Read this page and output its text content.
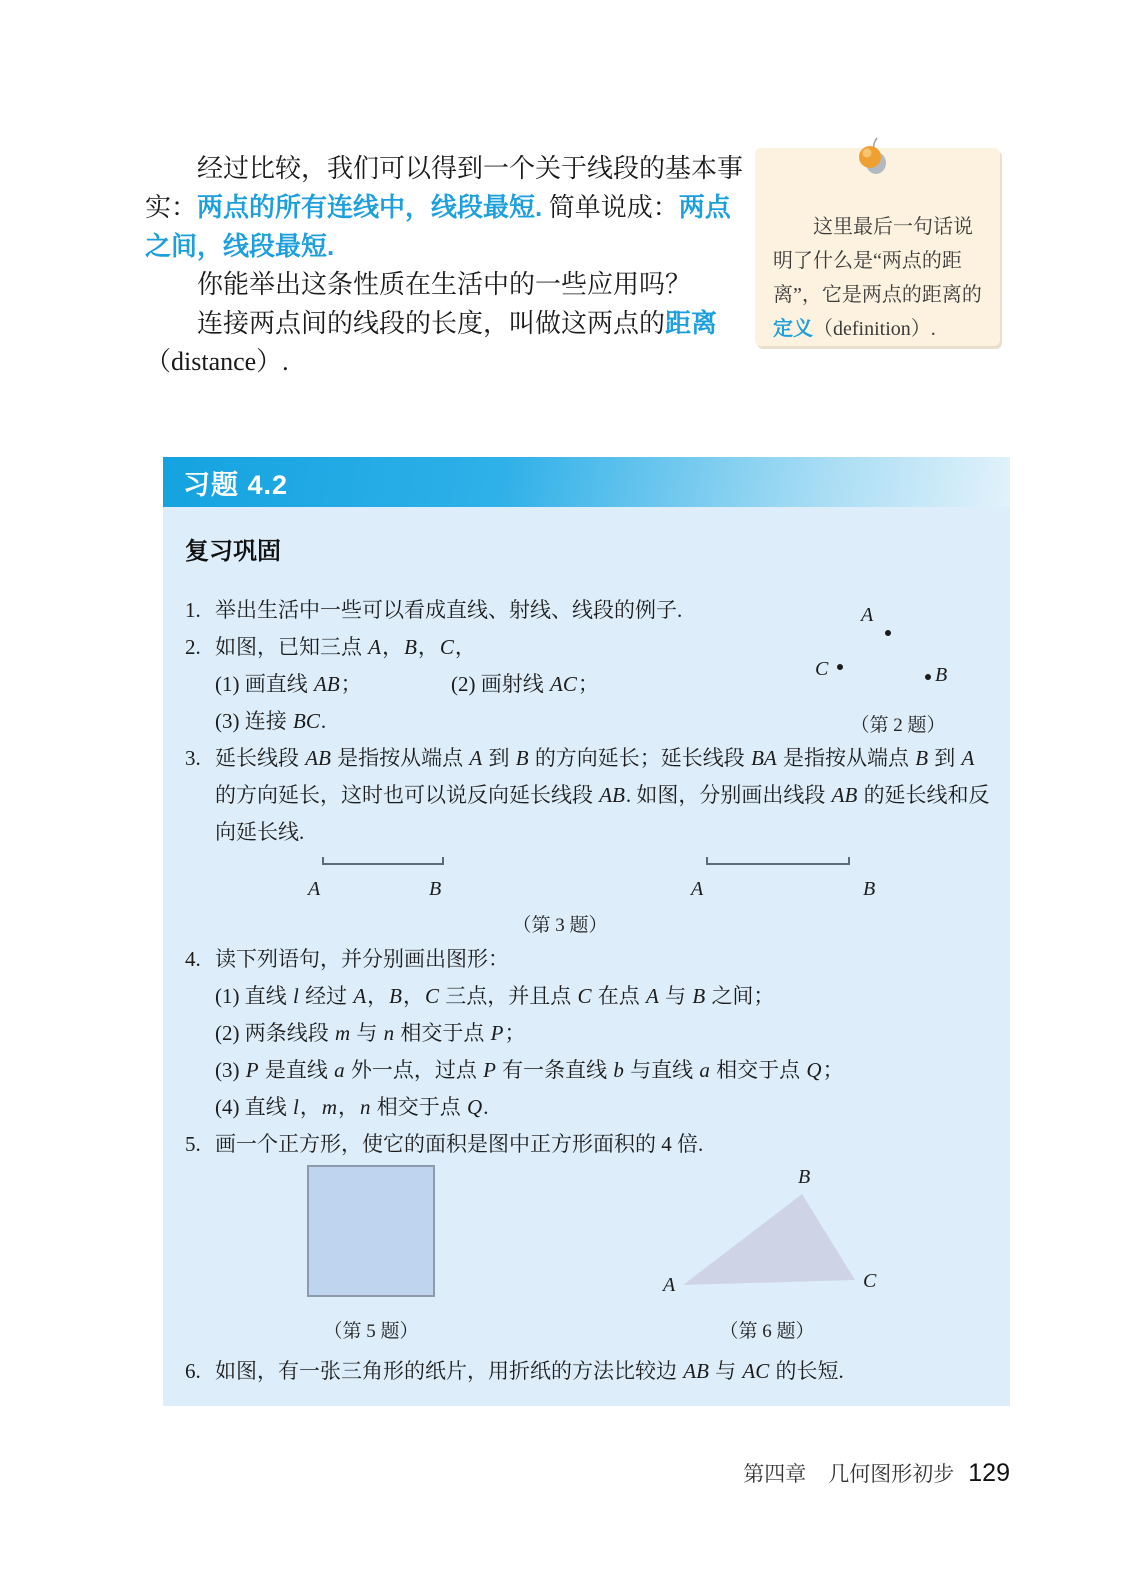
经过比较，我们可以得到一个关于线段的基本事实：两点的所有连线中，线段最短. 简单说成：两点之间，线段最短.

你能举出这条性质在生活中的一些应用吗？

连接两点间的线段的长度，叫做这两点的距离（distance）.

这里最后一句话说明了什么是“两点的距离”，它是两点的距离的定义（definition）.

习题 4.2
复习巩固
1. 举出生活中一些可以看成直线、射线、线段的例子.
2. 如图，已知三点 A，B，C，
(1) 画直线 AB；	(2) 画射线 AC；
(3) 连接 BC.
3. 延长线段 AB 是指按从端点 A 到 B 的方向延长；延长线段 BA 是指按从端点 B 到 A 的方向延长，这时也可以说反向延长线段 AB. 如图，分别画出线段 AB 的延长线和反向延长线.
A	B	A	B
（第 3 题）
4. 读下列语句，并分别画出图形：
(1) 直线 l 经过 A，B，C 三点，并且点 C 在点 A 与 B 之间；
(2) 两条线段 m 与 n 相交于点 P；
(3) P 是直线 a 外一点，过点 P 有一条直线 b 与直线 a 相交于点 Q；
(4) 直线 l，m，n 相交于点 Q.
5. 画一个正方形，使它的面积是图中正方形面积的 4 倍.
（第 5 题）
A
B
C
（第 6 题）
6. 如图，有一张三角形的纸片，用折纸的方法比较边 AB 与 AC 的长短.
A
C	B
（第 2 题）
第四章 几何图形初步 129
